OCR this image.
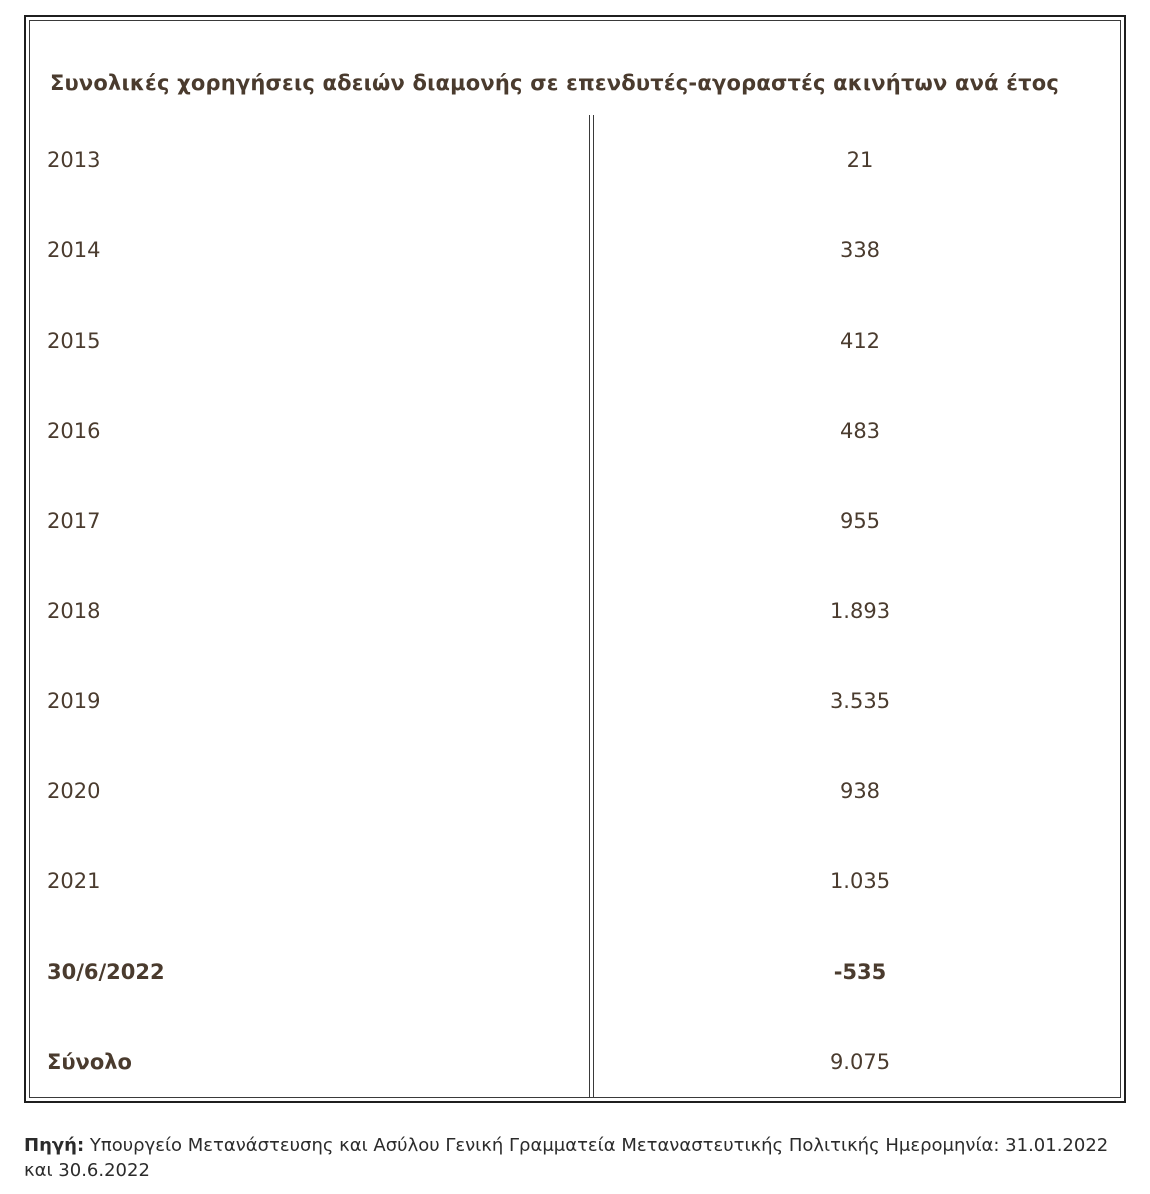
Συνολικές χορηγήσεις αδειών διαμονής σε επενδυτές-αγοραστές ακινήτων ανά έτος
2013	21
2014	338
2015	412
2016	483
2017	955
2018	1.893
2019	3.535
2020	938
2021	1.035
30/6/2022	-535
Σύνολο	9.075
Πηγή: Υπουργείο Μετανάστευσης και Ασύλου Γενική Γραμματεία Μεταναστευτικής Πολιτικής Ημερομηνία: 31.01.2022 και 30.6.2022
